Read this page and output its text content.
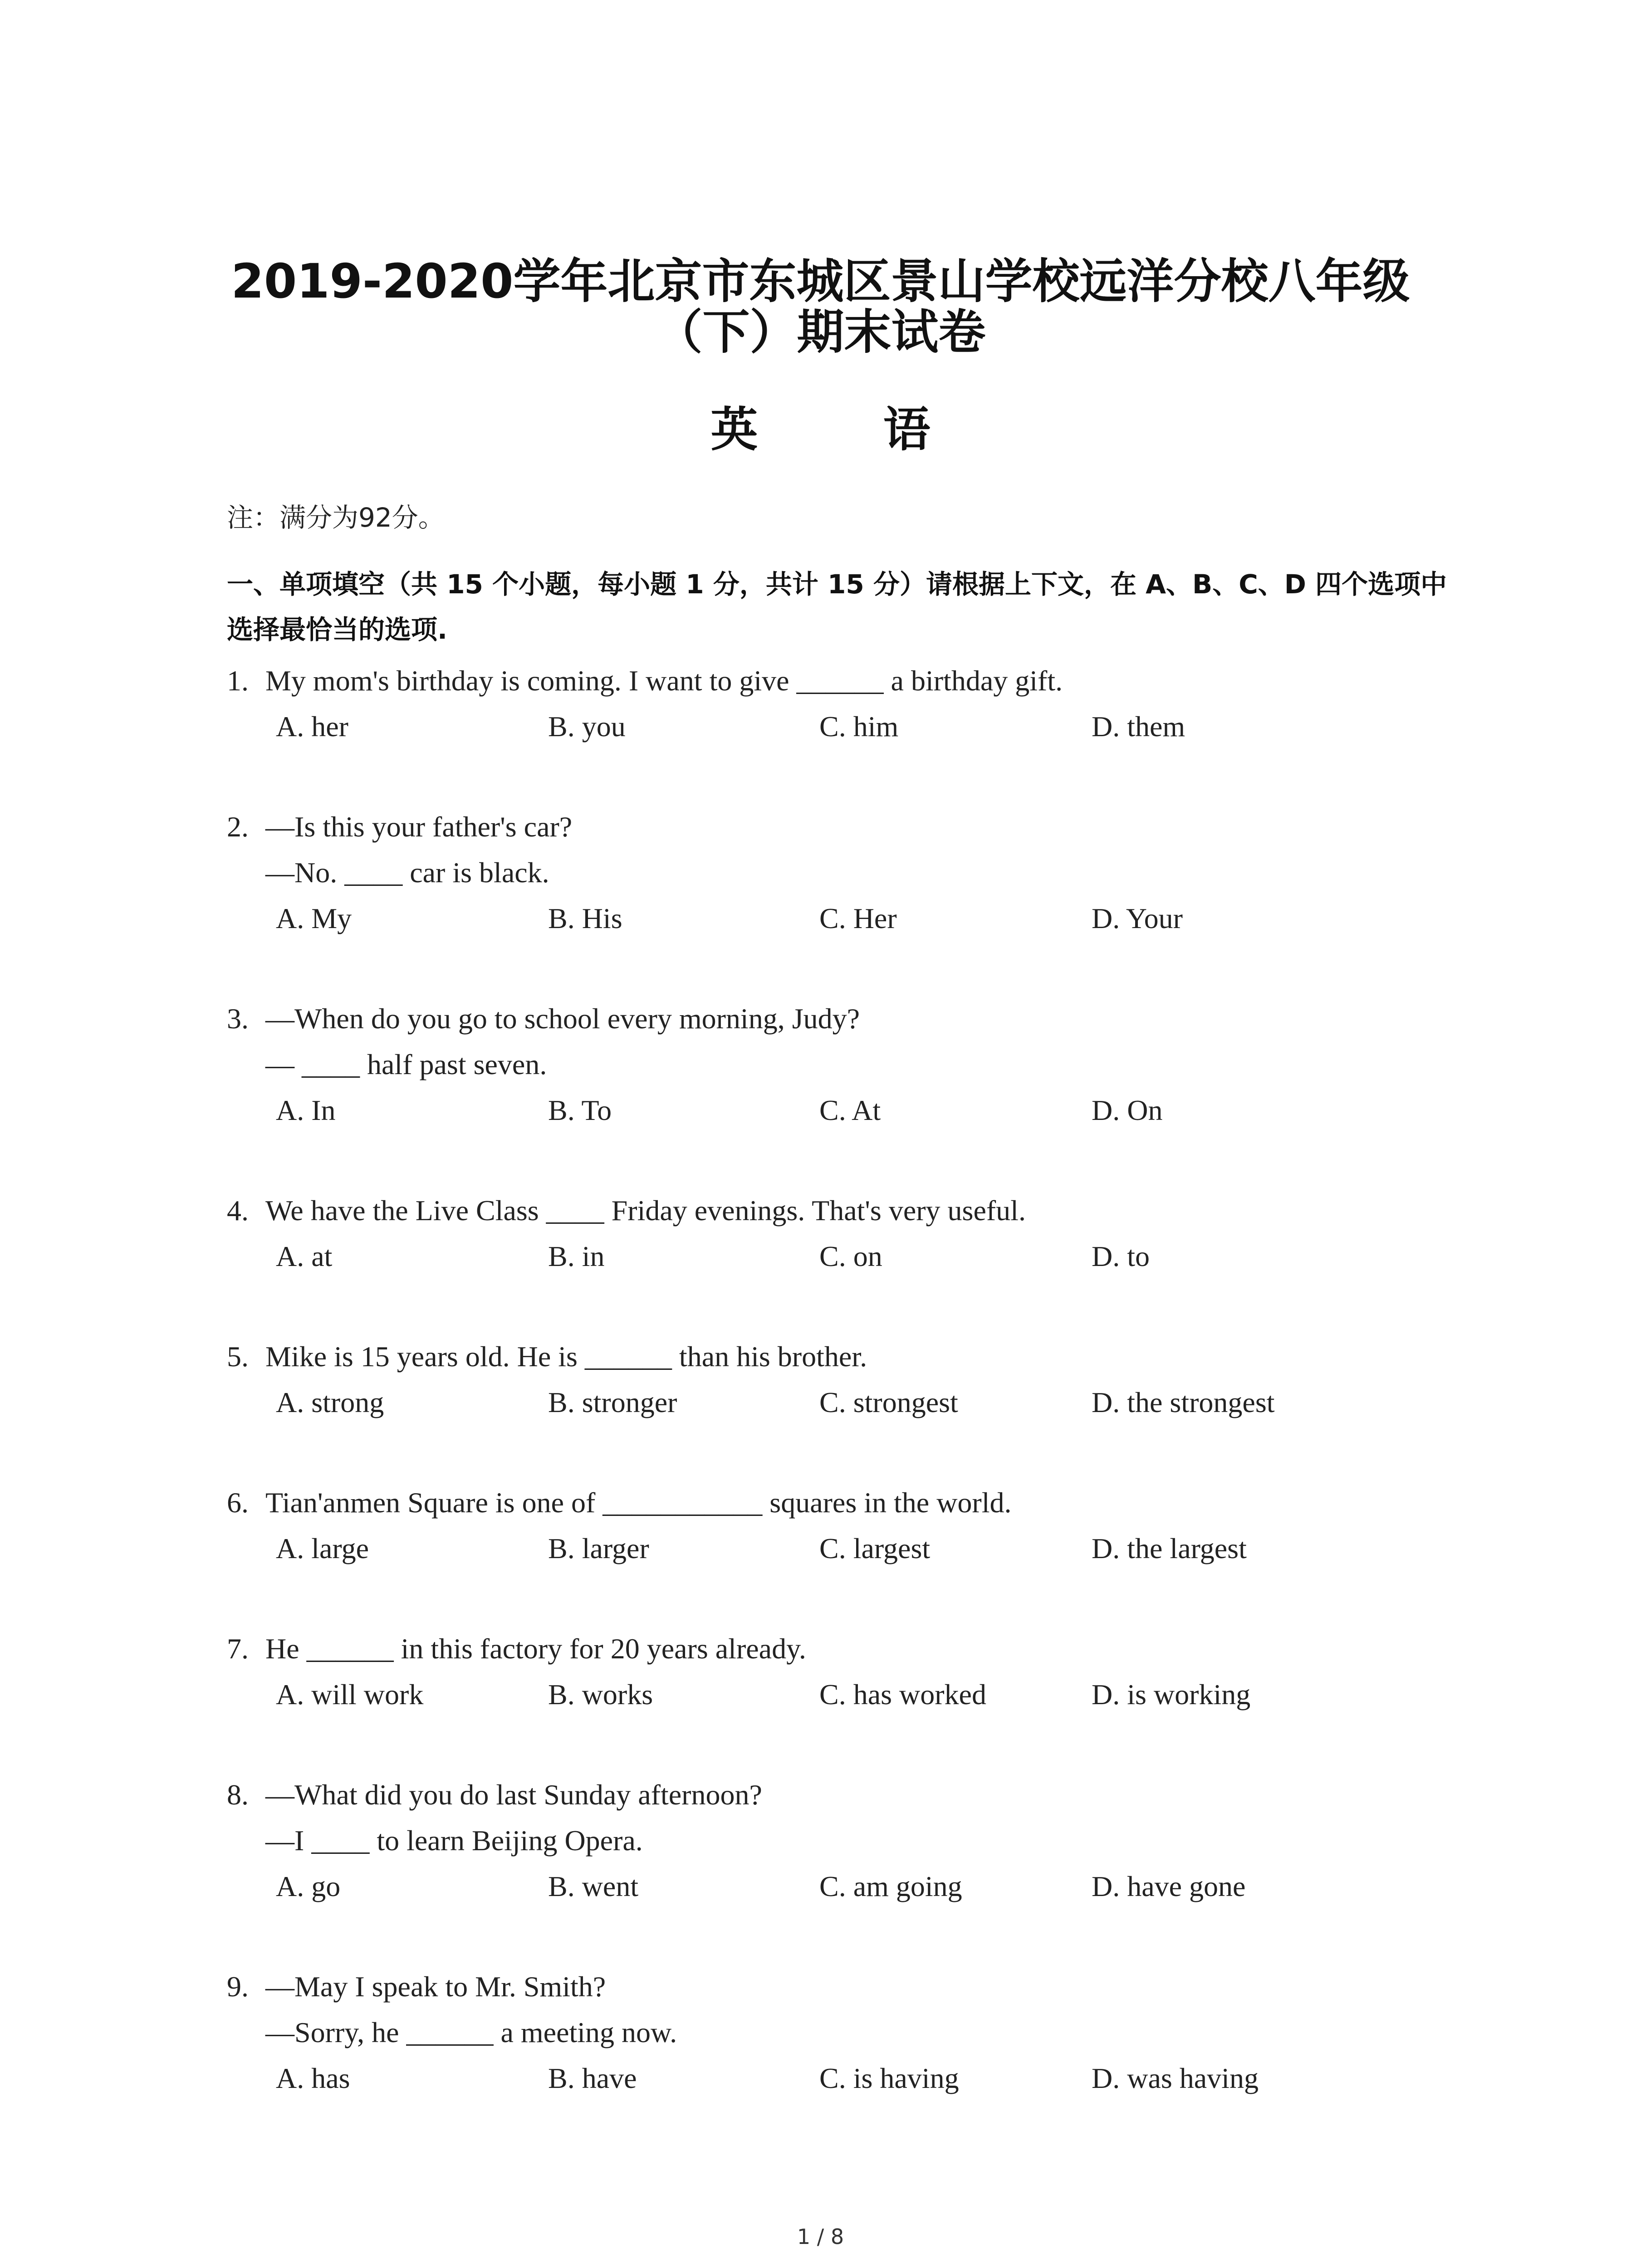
2019-2020学年北京市东城区景山学校远洋分校八年级
（下）期末试卷
英 语
注：满分为92分。
一、单项填空（共 15 个小题，每小题 1 分，共计 15 分）请根据上下文，在 A、B、C、D 四个选项中选择最恰当的选项.
1. My mom's birthday is coming. I want to give ______ a birthday gift.
A. her	B. you	C. him	D. them
2. —Is this your father's car?
—No. ____ car is black.
A. My	B. His	C. Her	D. Your
3. —When do you go to school every morning, Judy?
— ____ half past seven.
A. In	B. To	C. At	D. On
4. We have the Live Class ____ Friday evenings. That's very useful.
A. at	B. in	C. on	D. to
5. Mike is 15 years old. He is ______ than his brother.
A. strong	B. stronger	C. strongest	D. the strongest
6. Tian'anmen Square is one of ___________ squares in the world.
A. large	B. larger	C. largest	D. the largest
7. He ______ in this factory for 20 years already.
A. will work	B. works	C. has worked	D. is working
8. —What did you do last Sunday afternoon?
—I ____ to learn Beijing Opera.
A. go	B. went	C. am going	D. have gone
9. —May I speak to Mr. Smith?
—Sorry, he ______ a meeting now.
A. has	B. have	C. is having	D. was having
1 / 8
